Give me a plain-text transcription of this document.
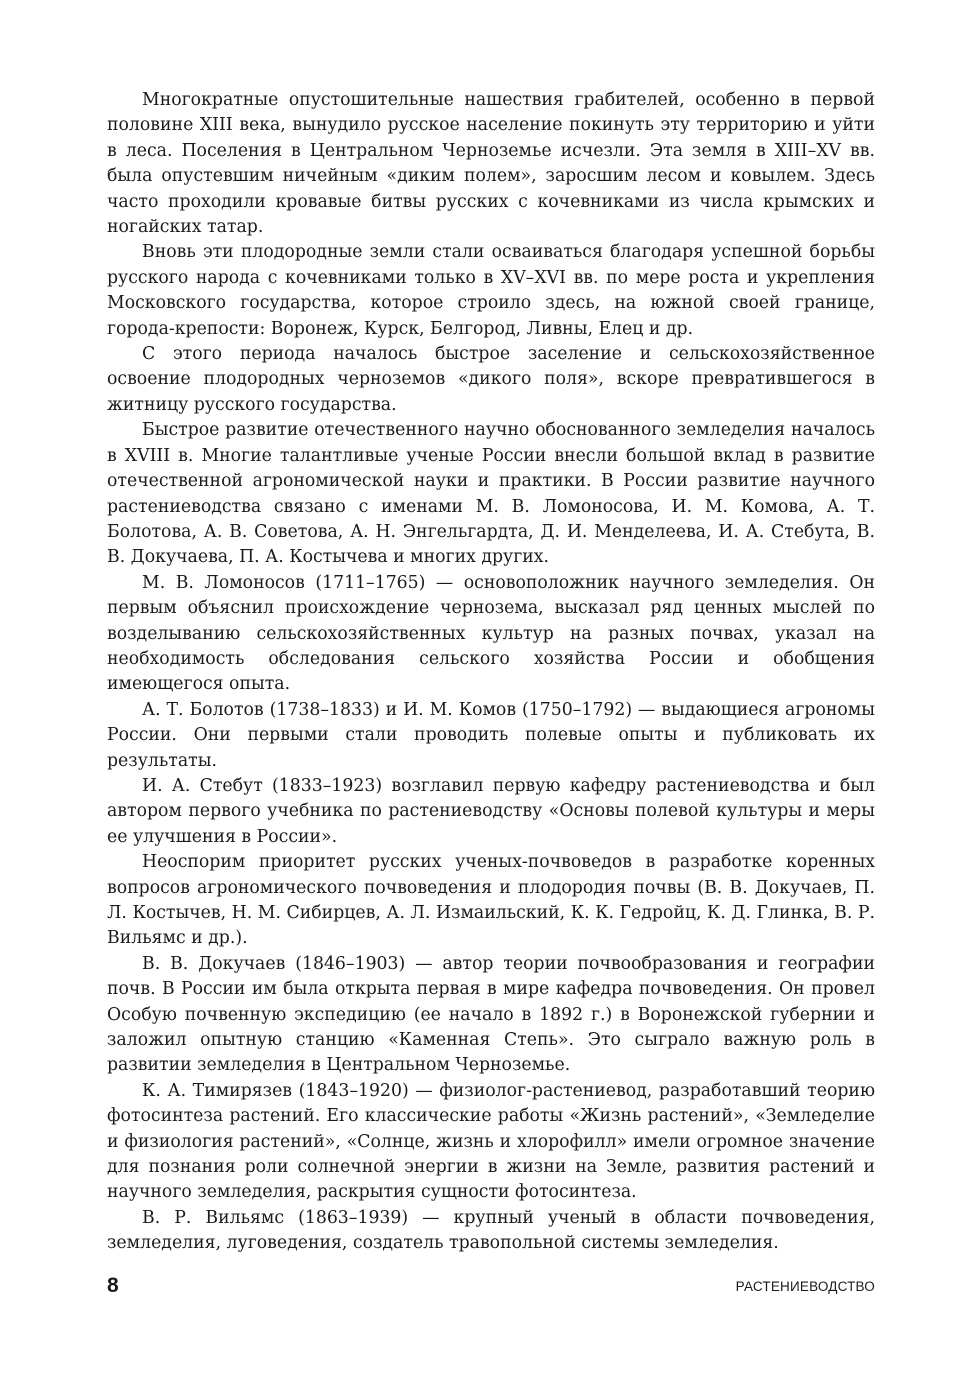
Многократные опустошительные нашествия грабителей, особенно в первой половине XIII века, вынудило русское население покинуть эту территорию и уйти в леса. Поселения в Центральном Черноземье исчезли. Эта земля в XIII–XV вв. была опустевшим ничейным «диким полем», заросшим лесом и ковылем. Здесь часто проходили кровавые битвы русских с кочевниками из числа крымских и ногайских татар.

Вновь эти плодородные земли стали осваиваться благодаря успешной борьбы русского народа с кочевниками только в XV–XVI вв. по мере роста и укрепления Московского государства, которое строило здесь, на южной своей границе, города-крепости: Воронеж, Курск, Белгород, Ливны, Елец и др.

С этого периода началось быстрое заселение и сельскохозяйственное освоение плодородных черноземов «дикого поля», вскоре превратившегося в житницу русского государства.

Быстрое развитие отечественного научно обоснованного земледелия началось в XVIII в. Многие талантливые ученые России внесли большой вклад в развитие отечественной агрономической науки и практики. В России развитие научного растениеводства связано с именами М. В. Ломоносова, И. М. Комова, А. Т. Болотова, А. В. Советова, А. Н. Энгельгардта, Д. И. Менделеева, И. А. Стебута, В. В. Докучаева, П. А. Костычева и многих других.

М. В. Ломоносов (1711–1765) — основоположник научного земледелия. Он первым объяснил происхождение чернозема, высказал ряд ценных мыслей по возделыванию сельскохозяйственных культур на разных почвах, указал на необходимость обследования сельского хозяйства России и обобщения имеющегося опыта.

А. Т. Болотов (1738–1833) и И. М. Комов (1750–1792) — выдающиеся агрономы России. Они первыми стали проводить полевые опыты и публиковать их результаты.

И. А. Стебут (1833–1923) возглавил первую кафедру растениеводства и был автором первого учебника по растениеводству «Основы полевой культуры и меры ее улучшения в России».

Неоспорим приоритет русских ученых-почвоведов в разработке коренных вопросов агрономического почвоведения и плодородия почвы (В. В. Докучаев, П. Л. Костычев, Н. М. Сибирцев, А. Л. Измаильский, К. К. Гедройц, К. Д. Глинка, В. Р. Вильямс и др.).

В. В. Докучаев (1846–1903) — автор теории почвообразования и географии почв. В России им была открыта первая в мире кафедра почвоведения. Он провел Особую почвенную экспедицию (ее начало в 1892 г.) в Воронежской губернии и заложил опытную станцию «Каменная Степь». Это сыграло важную роль в развитии земледелия в Центральном Черноземье.

К. А. Тимирязев (1843–1920) — физиолог-растениевод, разработавший теорию фотосинтеза растений. Его классические работы «Жизнь растений», «Земледелие и физиология растений», «Солнце, жизнь и хлорофилл» имели огромное значение для познания роли солнечной энергии в жизни на Земле, развития растений и научного земледелия, раскрытия сущности фотосинтеза.

В. Р. Вильямс (1863–1939) — крупный ученый в области почвоведения, земледелия, луговедения, создатель травопольной системы земледелия.

8	РАСТЕНИЕВОДСТВО
